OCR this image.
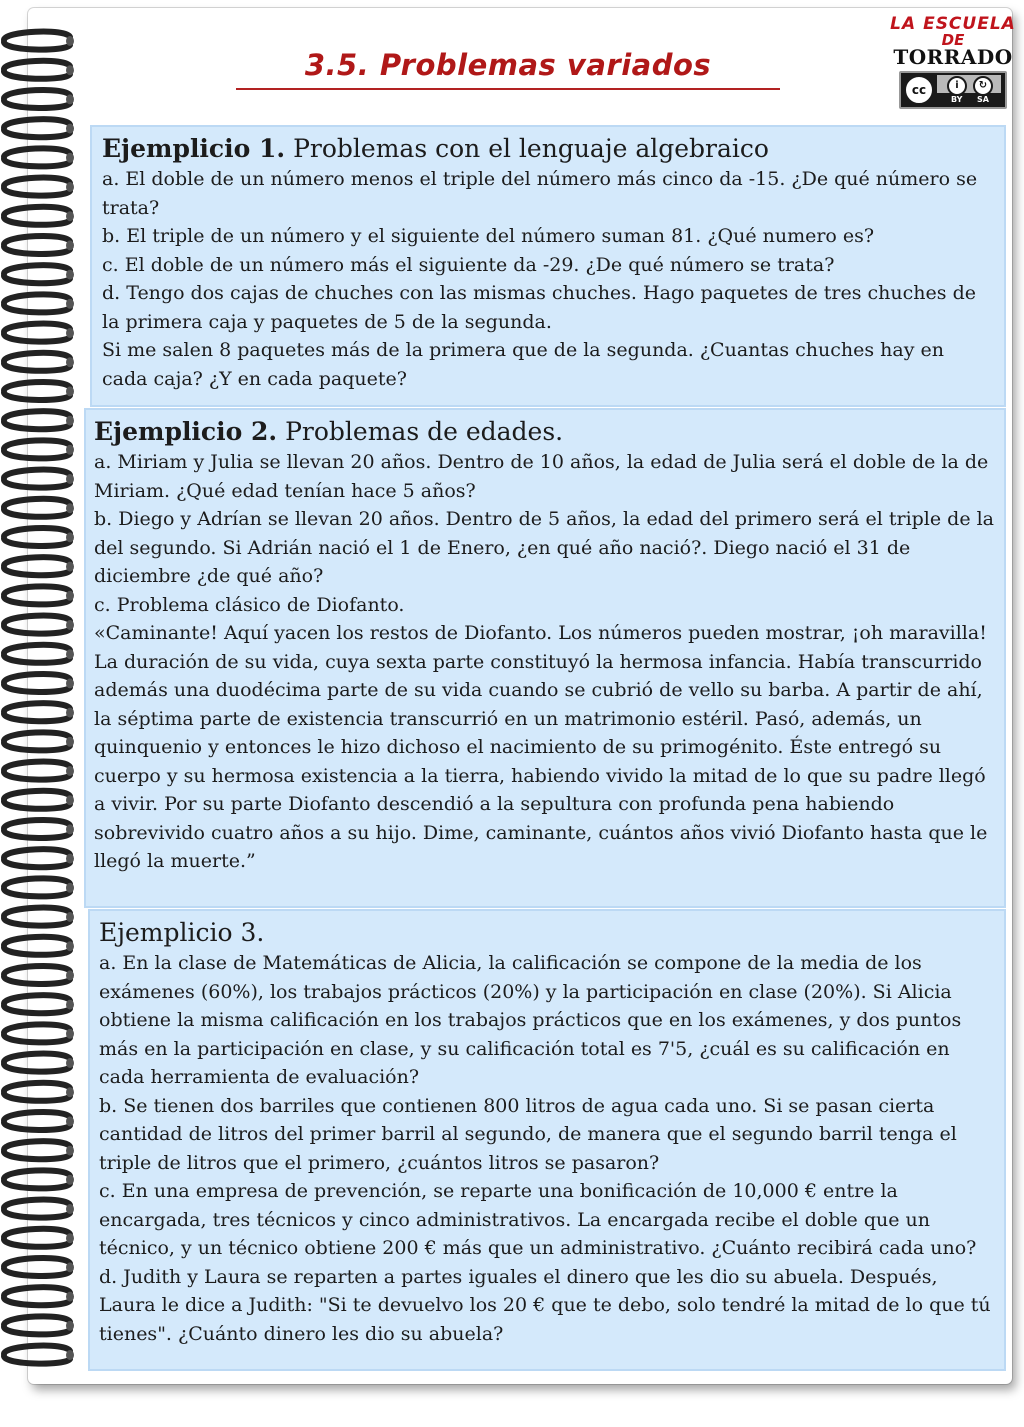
3.5. Problemas variados
LA ESCUELA
DE
TORRADO
cc	i	↻
BY SA
Ejemplicio 1. Problemas con el lenguaje algebraico

a. El doble de un número menos el triple del número más cinco da -15. ¿De qué número se trata?

b. El triple de un número y el siguiente del número suman 81. ¿Qué numero es?

c. El doble de un número más el siguiente da -29. ¿De qué número se trata?

d. Tengo dos cajas de chuches con las mismas chuches. Hago paquetes de tres chuches de la primera caja y paquetes de 5 de la segunda.

Si me salen 8 paquetes más de la primera que de la segunda. ¿Cuantas chuches hay en cada caja? ¿Y en cada paquete?

Ejemplicio 2. Problemas de edades.

a. Miriam y Julia se llevan 20 años. Dentro de 10 años, la edad de Julia será el doble de la de Miriam. ¿Qué edad tenían hace 5 años?

b. Diego y Adrían se llevan 20 años. Dentro de 5 años, la edad del primero será el triple de la del segundo. Si Adrián nació el 1 de Enero, ¿en qué año nació?. Diego nació el 31 de diciembre ¿de qué año?

c. Problema clásico de Diofanto.

«Caminante! Aquí yacen los restos de Diofanto. Los números pueden mostrar, ¡oh maravilla! La duración de su vida, cuya sexta parte constituyó la hermosa infancia. Había transcurrido además una duodécima parte de su vida cuando se cubrió de vello su barba. A partir de ahí, la séptima parte de existencia transcurrió en un matrimonio estéril. Pasó, además, un quinquenio y entonces le hizo dichoso el nacimiento de su primogénito. Éste entregó su cuerpo y su hermosa existencia a la tierra, habiendo vivido la mitad de lo que su padre llegó a vivir. Por su parte Diofanto descendió a la sepultura con profunda pena habiendo sobrevivido cuatro años a su hijo. Dime, caminante, cuántos años vivió Diofanto hasta que le llegó la muerte.”

Ejemplicio 3.

a. En la clase de Matemáticas de Alicia, la calificación se compone de la media de los exámenes (60%), los trabajos prácticos (20%) y la participación en clase (20%). Si Alicia obtiene la misma calificación en los trabajos prácticos que en los exámenes, y dos puntos más en la participación en clase, y su calificación total es 7'5, ¿cuál es su calificación en cada herramienta de evaluación?

b. Se tienen dos barriles que contienen 800 litros de agua cada uno. Si se pasan cierta cantidad de litros del primer barril al segundo, de manera que el segundo barril tenga el triple de litros que el primero, ¿cuántos litros se pasaron?

c. En una empresa de prevención, se reparte una bonificación de 10,000 € entre la encargada, tres técnicos y cinco administrativos. La encargada recibe el doble que un técnico, y un técnico obtiene 200 € más que un administrativo. ¿Cuánto recibirá cada uno?

d. Judith y Laura se reparten a partes iguales el dinero que les dio su abuela. Después, Laura le dice a Judith: "Si te devuelvo los 20 € que te debo, solo tendré la mitad de lo que tú tienes". ¿Cuánto dinero les dio su abuela?
